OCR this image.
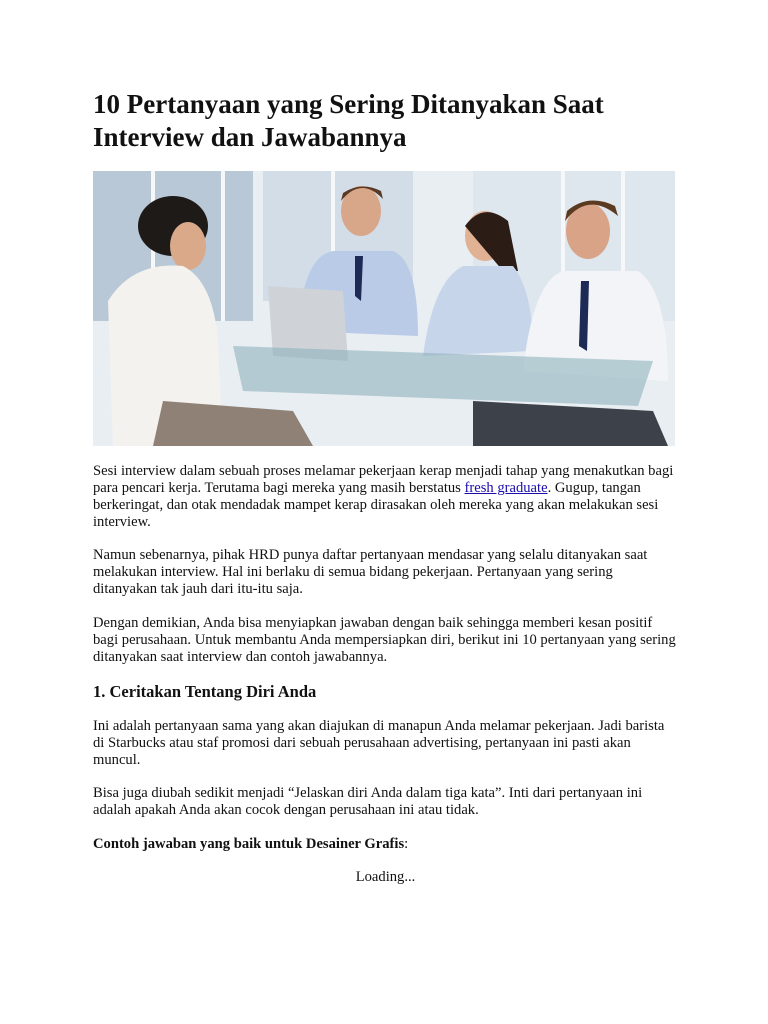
10 Pertanyaan yang Sering Ditanyakan Saat Interview dan Jawabannya

Sesi interview dalam sebuah proses melamar pekerjaan kerap menjadi tahap yang menakutkan bagi para pencari kerja. Terutama bagi mereka yang masih berstatus fresh graduate. Gugup, tangan berkeringat, dan otak mendadak mampet kerap dirasakan oleh mereka yang akan melakukan sesi interview.

Namun sebenarnya, pihak HRD punya daftar pertanyaan mendasar yang selalu ditanyakan saat melakukan interview. Hal ini berlaku di semua bidang pekerjaan. Pertanyaan yang sering ditanyakan tak jauh dari itu-itu saja.

Dengan demikian, Anda bisa menyiapkan jawaban dengan baik sehingga memberi kesan positif bagi perusahaan. Untuk membantu Anda mempersiapkan diri, berikut ini 10 pertanyaan yang sering ditanyakan saat interview dan contoh jawabannya.

1. Ceritakan Tentang Diri Anda

Ini adalah pertanyaan sama yang akan diajukan di manapun Anda melamar pekerjaan. Jadi barista di Starbucks atau staf promosi dari sebuah perusahaan advertising, pertanyaan ini pasti akan muncul.

Bisa juga diubah sedikit menjadi “Jelaskan diri Anda dalam tiga kata”. Inti dari pertanyaan ini adalah apakah Anda akan cocok dengan perusahaan ini atau tidak.

Contoh jawaban yang baik untuk Desainer Grafis:

Loading...
